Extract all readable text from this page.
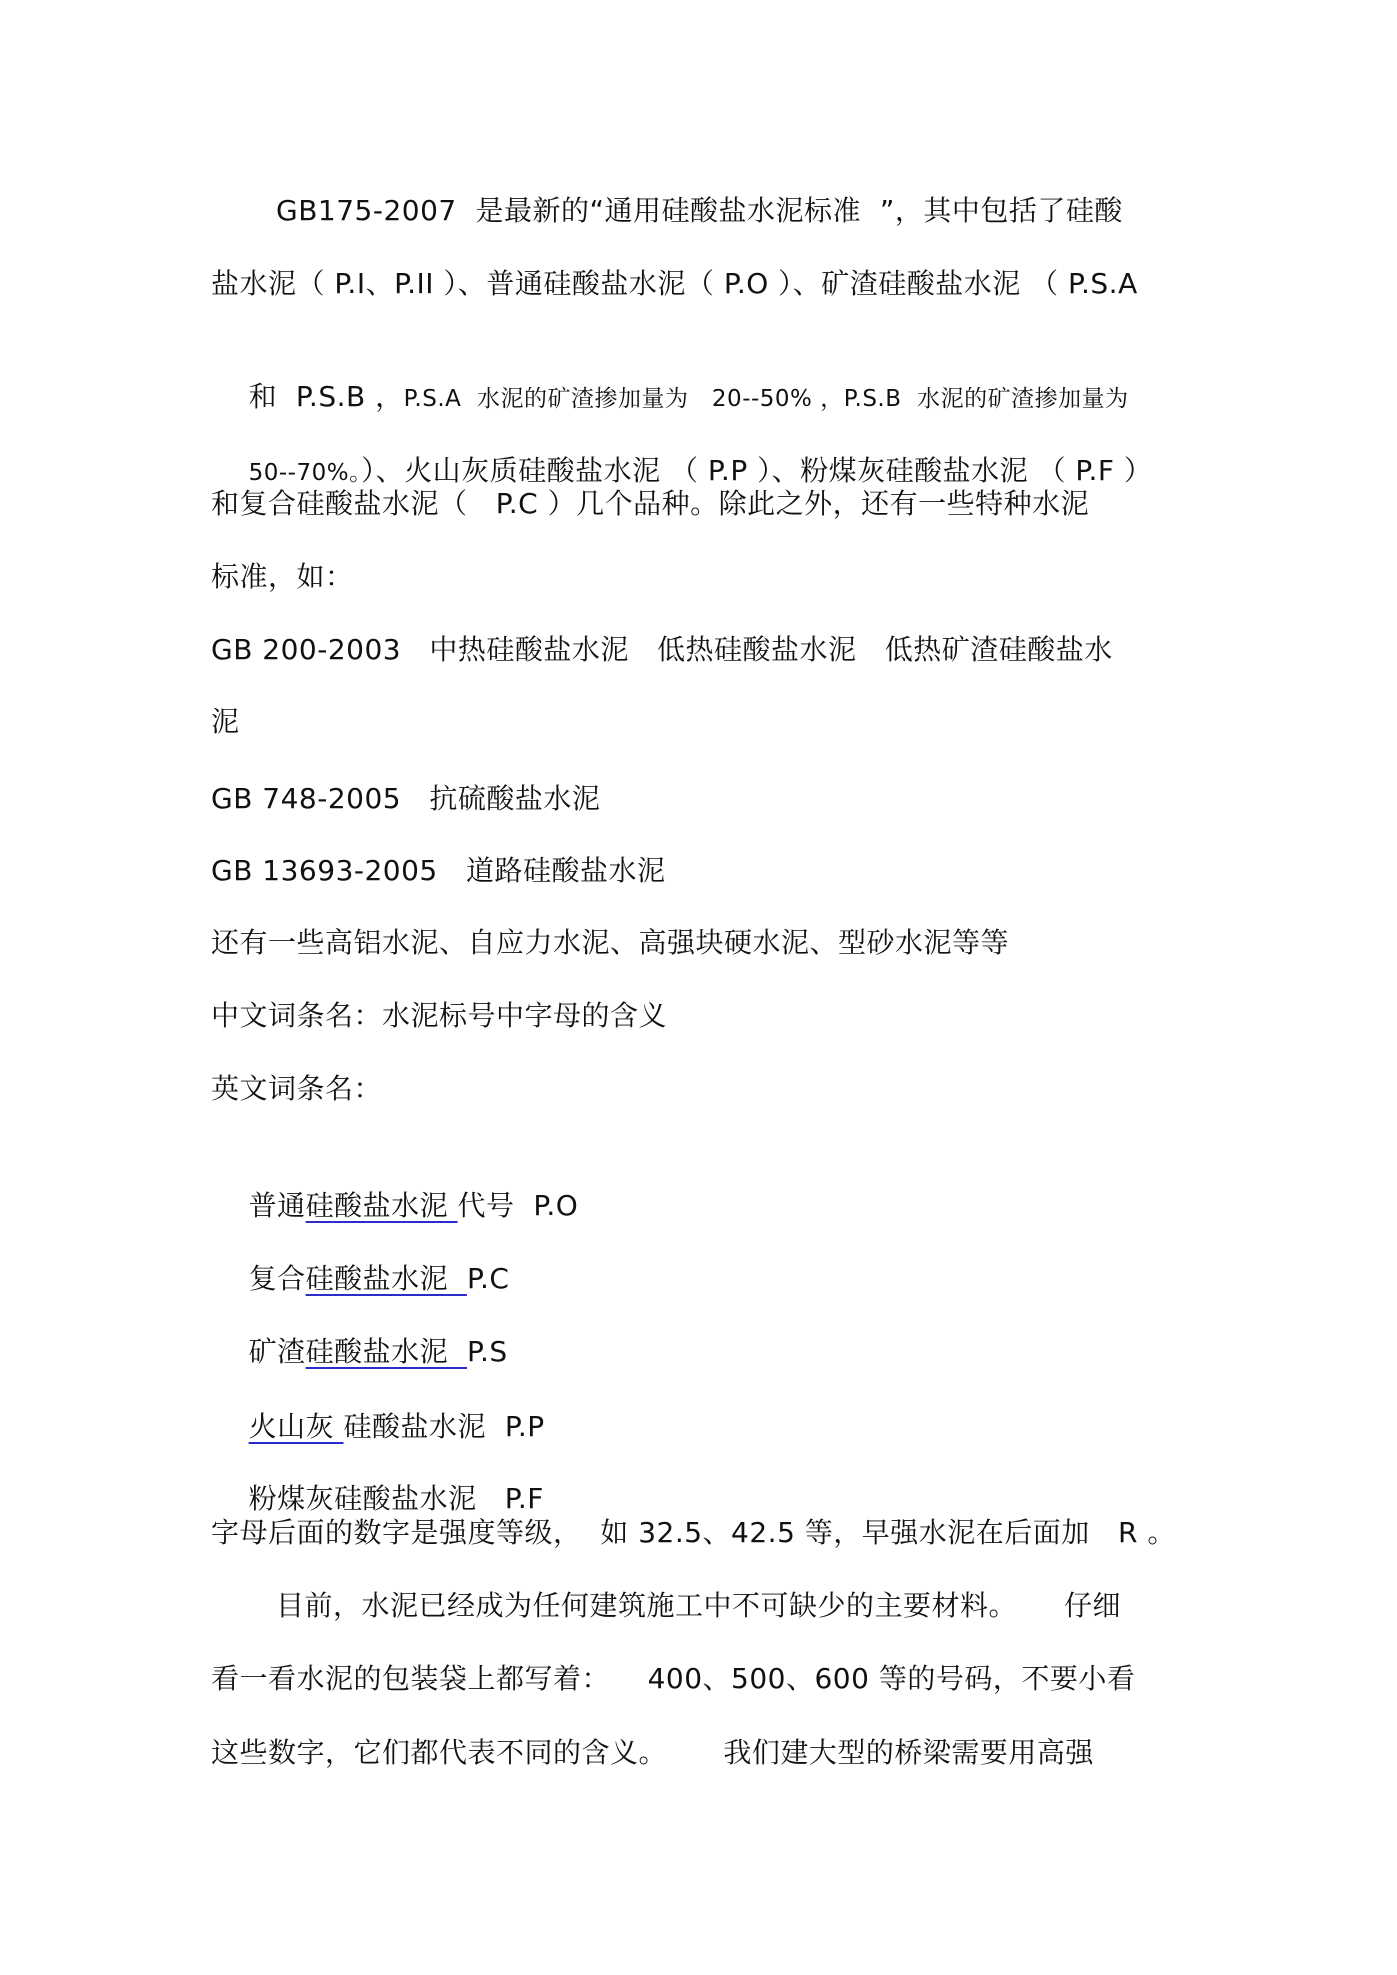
GB175-2007  是最新的“通用硅酸盐水泥标准  ”，其中包括了硅酸
盐水泥（ P.I、P.II ）、普通硅酸盐水泥（ P.O ）、矿渣硅酸盐水泥 （ P.S.A

和  P.S.B ，P.S.A  水泥的矿渣掺加量为   20--50% ，P.S.B  水泥的矿渣掺加量为

50--70%。）、火山灰质硅酸盐水泥 （ P.P ）、粉煤灰硅酸盐水泥 （ P.F ）

和复合硅酸盐水泥（   P.C ）几个品种。除此之外，还有一些特种水泥
标准，如：
GB 200-2003   中热硅酸盐水泥   低热硅酸盐水泥   低热矿渣硅酸盐水
泥
GB 748-2005   抗硫酸盐水泥
GB 13693-2005   道路硅酸盐水泥
还有一些高铝水泥、自应力水泥、高强块硬水泥、型砂水泥等等
中文词条名：水泥标号中字母的含义
英文词条名：

普通硅酸盐水泥 代号  P.O

复合硅酸盐水泥  P.C

矿渣硅酸盐水泥  P.S

火山灰 硅酸盐水泥  P.P

粉煤灰硅酸盐水泥   P.F

字母后面的数字是强度等级，  如 32.5、42.5 等，早强水泥在后面加   R 。
目前，水泥已经成为任何建筑施工中不可缺少的主要材料。     仔细
看一看水泥的包装袋上都写着：    400、500、600 等的号码，不要小看
这些数字，它们都代表不同的含义。      我们建大型的桥梁需要用高强
